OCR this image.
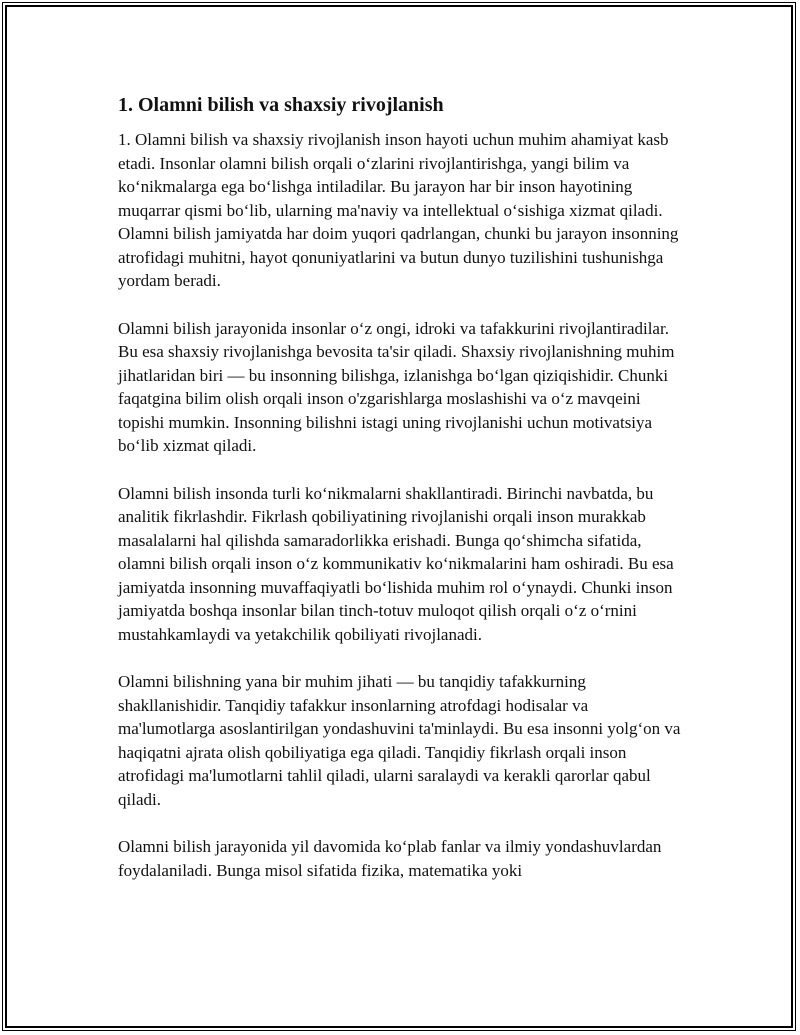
1. Olamni bilish va shaxsiy rivojlanish

1. Olamni bilish va shaxsiy rivojlanish inson hayoti uchun muhim ahamiyat kasb etadi. Insonlar olamni bilish orqali o‘zlarini rivojlantirishga, yangi bilim va ko‘nikmalarga ega bo‘lishga intiladilar. Bu jarayon har bir inson hayotining muqarrar qismi bo‘lib, ularning ma'naviy va intellektual o‘sishiga xizmat qiladi. Olamni bilish jamiyatda har doim yuqori qadrlangan, chunki bu jarayon insonning atrofidagi muhitni, hayot qonuniyatlarini va butun dunyo tuzilishini tushunishga yordam beradi.

Olamni bilish jarayonida insonlar o‘z ongi, idroki va tafakkurini rivojlantiradilar. Bu esa shaxsiy rivojlanishga bevosita ta'sir qiladi. Shaxsiy rivojlanishning muhim jihatlaridan biri — bu insonning bilishga, izlanishga bo‘lgan qiziqishidir. Chunki faqatgina bilim olish orqali inson o'zgarishlarga moslashishi va o‘z mavqeini topishi mumkin. Insonning bilishni istagi uning rivojlanishi uchun motivatsiya bo‘lib xizmat qiladi.

Olamni bilish insonda turli ko‘nikmalarni shakllantiradi. Birinchi navbatda, bu analitik fikrlashdir. Fikrlash qobiliyatining rivojlanishi orqali inson murakkab masalalarni hal qilishda samaradorlikka erishadi. Bunga qo‘shimcha sifatida, olamni bilish orqali inson o‘z kommunikativ ko‘nikmalarini ham oshiradi. Bu esa jamiyatda insonning muvaffaqiyatli bo‘lishida muhim rol o‘ynaydi. Chunki inson jamiyatda boshqa insonlar bilan tinch-totuv muloqot qilish orqali o‘z o‘rnini mustahkamlaydi va yetakchilik qobiliyati rivojlanadi.

Olamni bilishning yana bir muhim jihati — bu tanqidiy tafakkurning shakllanishidir. Tanqidiy tafakkur insonlarning atrofdagi hodisalar va ma'lumotlarga asoslantirilgan yondashuvini ta'minlaydi. Bu esa insonni yolg‘on va haqiqatni ajrata olish qobiliyatiga ega qiladi. Tanqidiy fikrlash orqali inson atrofidagi ma'lumotlarni tahlil qiladi, ularni saralaydi va kerakli qarorlar qabul qiladi.

Olamni bilish jarayonida yil davomida ko‘plab fanlar va ilmiy yondashuvlardan foydalaniladi. Bunga misol sifatida fizika, matematika yoki
